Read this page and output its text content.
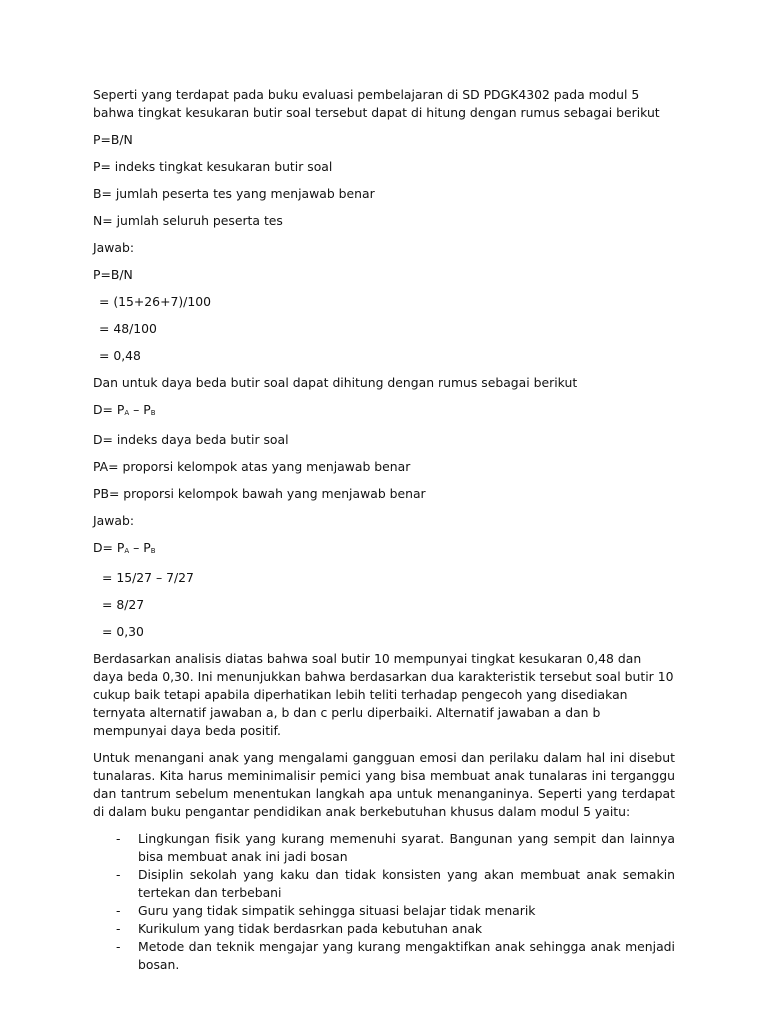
Seperti yang terdapat pada buku evaluasi pembelajaran di SD PDGK4302 pada modul 5 bahwa tingkat kesukaran butir soal tersebut dapat di hitung dengan rumus sebagai berikut

P=B/N

P= indeks tingkat kesukaran butir soal

B= jumlah peserta tes yang menjawab benar

N= jumlah seluruh peserta tes

Jawab:

P=B/N

= (15+26+7)/100

= 48/100

= 0,48

Dan untuk daya beda butir soal dapat dihitung dengan rumus sebagai berikut

$D= P_A - P_B$

D= indeks daya beda butir soal

PA= proporsi kelompok atas yang menjawab benar

PB= proporsi kelompok bawah yang menjawab benar

Jawab:

$D= P_A - P_B$

= 15/27 – 7/27

= 8/27

= 0,30

Berdasarkan analisis diatas bahwa soal butir 10 mempunyai tingkat kesukaran 0,48 dan daya beda 0,30. Ini menunjukkan bahwa berdasarkan dua karakteristik tersebut soal butir 10 cukup baik tetapi apabila diperhatikan lebih teliti terhadap pengecoh yang disediakan ternyata alternatif jawaban a, b dan c perlu diperbaiki. Alternatif jawaban a dan b mempunyai daya beda positif.

Untuk menangani anak yang mengalami gangguan emosi dan perilaku dalam hal ini disebut tunalaras. Kita harus meminimalisir pemici yang bisa membuat anak tunalaras ini terganggu dan tantrum sebelum menentukan langkah apa untuk menanganinya. Seperti yang terdapat di dalam buku pengantar pendidikan anak berkebutuhan khusus dalam modul 5 yaitu:

- Lingkungan fisik yang kurang memenuhi syarat. Bangunan yang sempit dan lainnya bisa membuat anak ini jadi bosan
- Disiplin sekolah yang kaku dan tidak konsisten yang akan membuat anak semakin tertekan dan terbebani
- Guru yang tidak simpatik sehingga situasi belajar tidak menarik
- Kurikulum yang tidak berdasrkan pada kebutuhan anak
- Metode dan teknik mengajar yang kurang mengaktifkan anak sehingga anak menjadi bosan.
